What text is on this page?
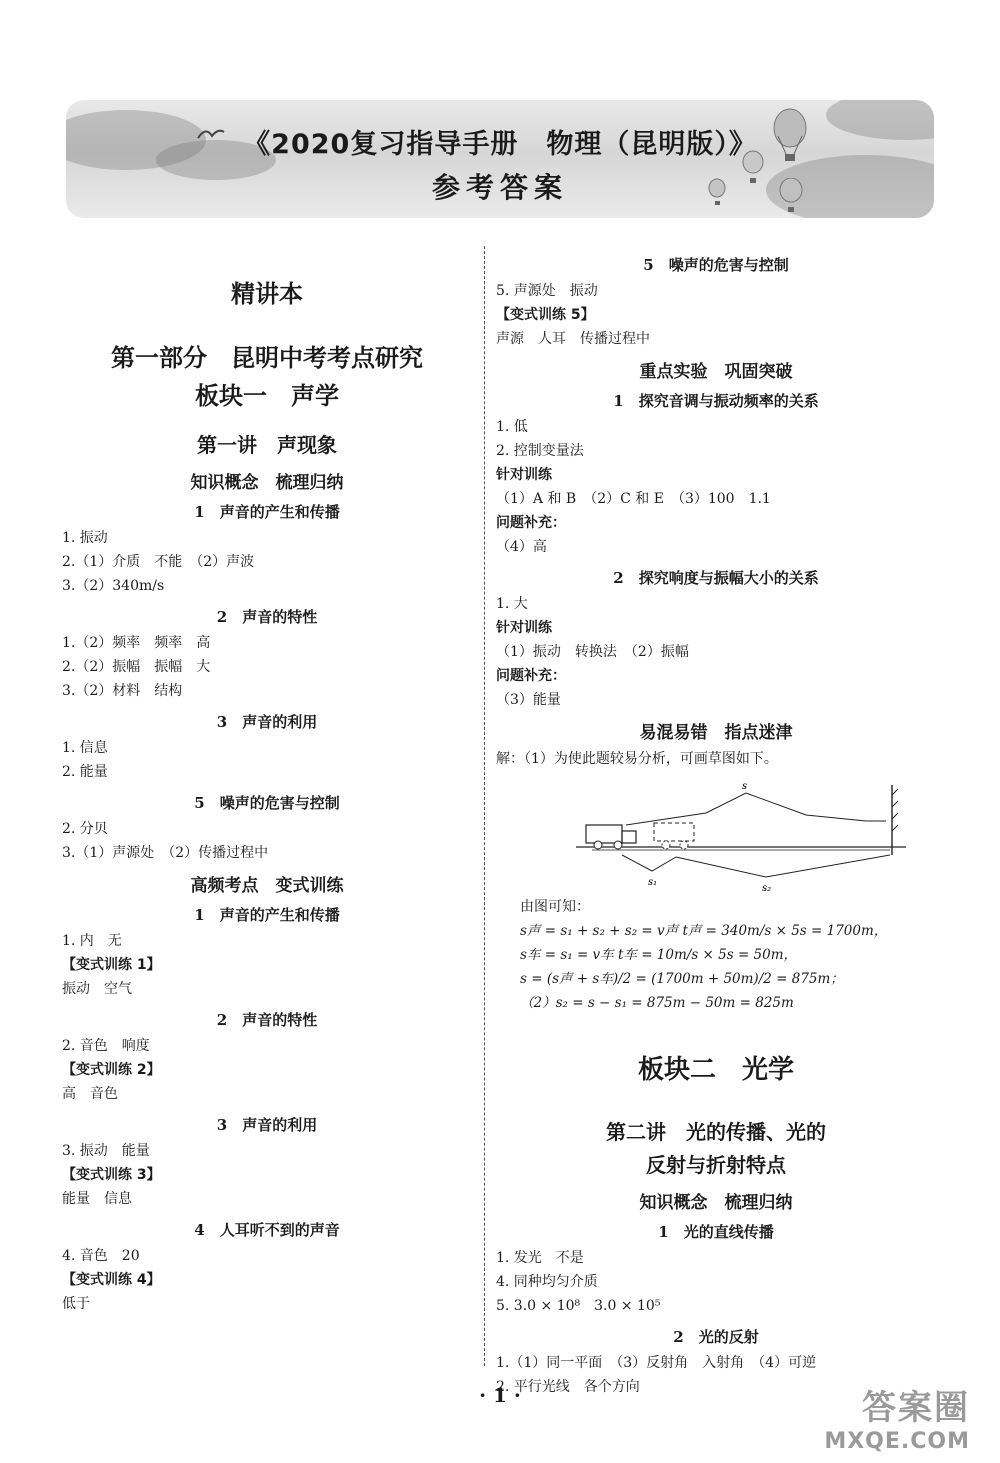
《2020复习指导手册　物理（昆明版）》
参考答案
精讲本
第一部分　昆明中考考点研究
板块一　声学
第一讲　声现象
知识概念　梳理归纳
1　声音的产生和传播
1. 振动
2.（1）介质　不能　（2）声波
3.（2）340m/s
2　声音的特性
1.（2）频率　频率　高
2.（2）振幅　振幅　大
3.（2）材料　结构
3　声音的利用
1. 信息
2. 能量
5　噪声的危害与控制
2. 分贝
3.（1）声源处　（2）传播过程中
高频考点　变式训练
1　声音的产生和传播
1. 内　无
【变式训练 1】
振动　空气
2　声音的特性
2. 音色　响度
【变式训练 2】
高　音色
3　声音的利用
3. 振动　能量
【变式训练 3】
能量　信息
4　人耳听不到的声音
4. 音色　20
【变式训练 4】
低于
5　噪声的危害与控制
5. 声源处　振动
【变式训练 5】
声源　人耳　传播过程中
重点实验　巩固突破
1　探究音调与振动频率的关系
1. 低
2. 控制变量法
针对训练
（1）A 和 B　（2）C 和 E　（3）100　1.1
问题补充：
（4）高
2　探究响度与振幅大小的关系
1. 大
针对训练
（1）振动　转换法　（2）振幅
问题补充：
（3）能量
易混易错　指点迷津
解：（1）为使此题较易分析，可画草图如下。
s
s₁
s₂
由图可知：
s声 = s₁ + s₂ + s₂ = v声 t声 = 340m/s × 5s = 1700m，
s车 = s₁ = v车 t车 = 10m/s × 5s = 50m，
s = (s声 + s车)/2 = (1700m + 50m)/2 = 875m；
（2）s₂ = s − s₁ = 875m − 50m = 825m
板块二　光学
第二讲　光的传播、光的
反射与折射特点
知识概念　梳理归纳
1　光的直线传播
1. 发光　不是
4. 同种均匀介质
5. 3.0 × 10⁸　3.0 × 10⁵
2　光的反射
1.（1）同一平面　（3）反射角　入射角　（4）可逆
2. 平行光线　各个方向
· 1 ·	答案圈
MXQE.COM
